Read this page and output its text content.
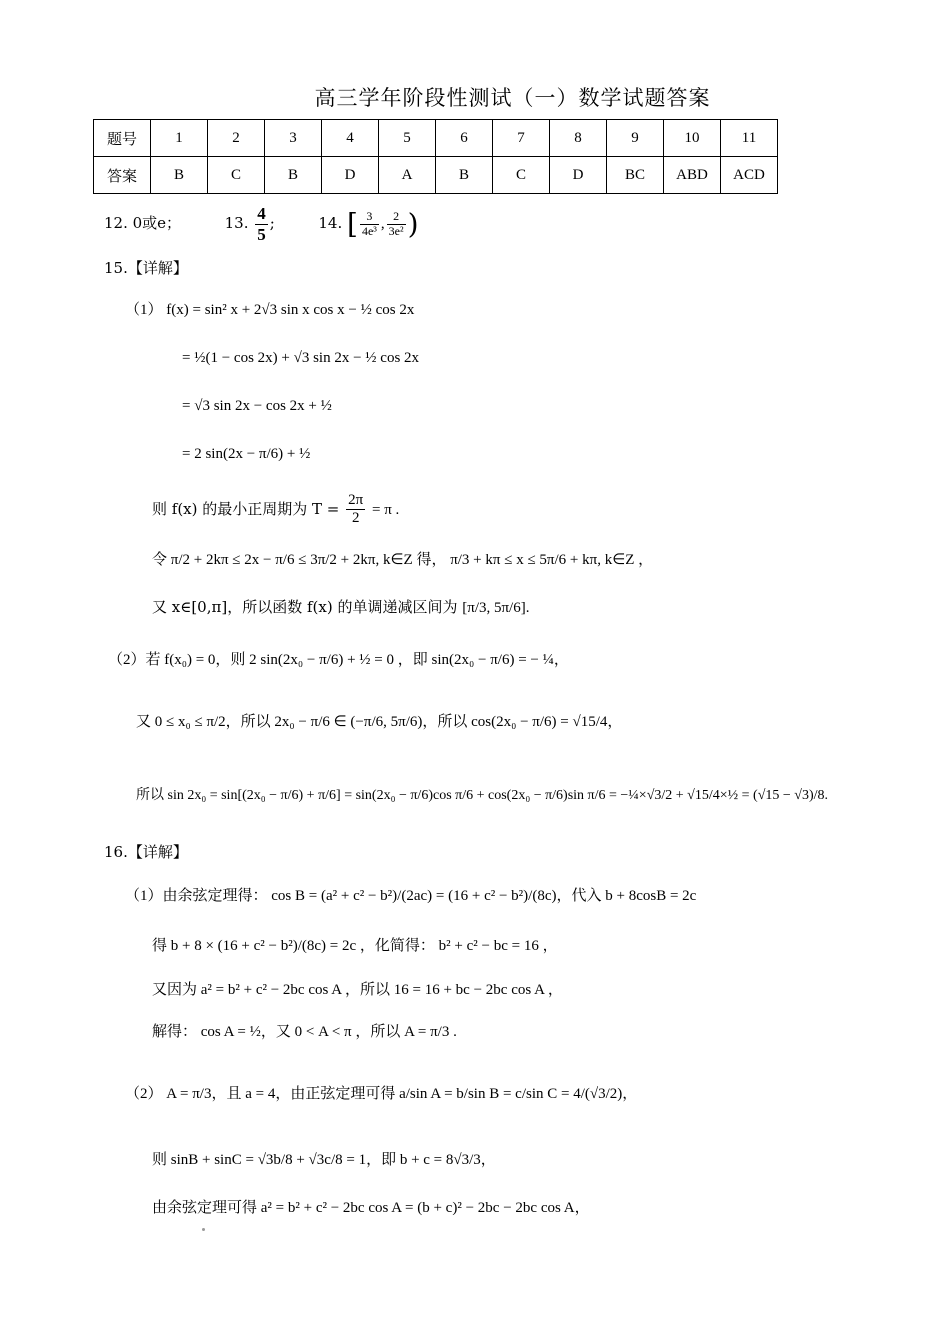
高三学年阶段性测试（一）数学试题答案
题号	1	2	3	4	5	6	7	8	9	10	11
答案	B	C	B	D	A	B	C	D	BC	ABD	ACD
12. 0或e；	13. $\frac{4}{5}$ ;	14. [ $\frac{3}{\text{4e³}}$ , $\frac{2}{\text{3e²}}$ )
15.【详解】
（1） f(x) = sin² x + 2√3 sin x cos x − ½ cos 2x
= ½(1 − cos 2x) + √3 sin 2x − ½ cos 2x
= √3 sin 2x − cos 2x + ½
= 2 sin(2x − π/6) + ½
则 f(x) 的最小正周期为 $T = \frac{2\pi}{2} = \pi$ .
令 π/2 + 2kπ ≤ 2x − π/6 ≤ 3π/2 + 2kπ, k∈Z 得， π/3 + kπ ≤ x ≤ 5π/6 + kπ, k∈Z ，
又 x∈[0,π]，所以函数 f(x) 的单调递减区间为 [π/3, 5π/6].
（2）若 f(x₀) = 0，则 2 sin(2x₀ − π/6) + ½ = 0 ，即 sin(2x₀ − π/6) = − ¼，
又 0 ≤ x₀ ≤ π/2，所以 2x₀ − π/6 ∈ (−π/6, 5π/6)，所以 cos(2x₀ − π/6) = √15/4，
所以 sin 2x₀ = sin[(2x₀ − π/6) + π/6] = sin(2x₀ − π/6)cos π/6 + cos(2x₀ − π/6)sin π/6 = −¼×√3/2 + √15/4×½ = (√15 − √3)/8.
16.【详解】
（1）由余弦定理得： cos B = (a² + c² − b²)/(2ac) = (16 + c² − b²)/(8c)，代入 b + 8cosB = 2c
得 b + 8 × (16 + c² − b²)/(8c) = 2c ，化简得： b² + c² − bc = 16 ，
又因为 a² = b² + c² − 2bc cos A ，所以 16 = 16 + bc − 2bc cos A ，
解得： cos A = ½，又 0 < A < π ，所以 A = π/3 .
（2） A = π/3，且 a = 4，由正弦定理可得 a/sin A = b/sin B = c/sin C = 4/(√3/2)，
则 sinB + sinC = √3b/8 + √3c/8 = 1，即 b + c = 8√3/3，
由余弦定理可得 a² = b² + c² − 2bc cos A = (b + c)² − 2bc − 2bc cos A，
